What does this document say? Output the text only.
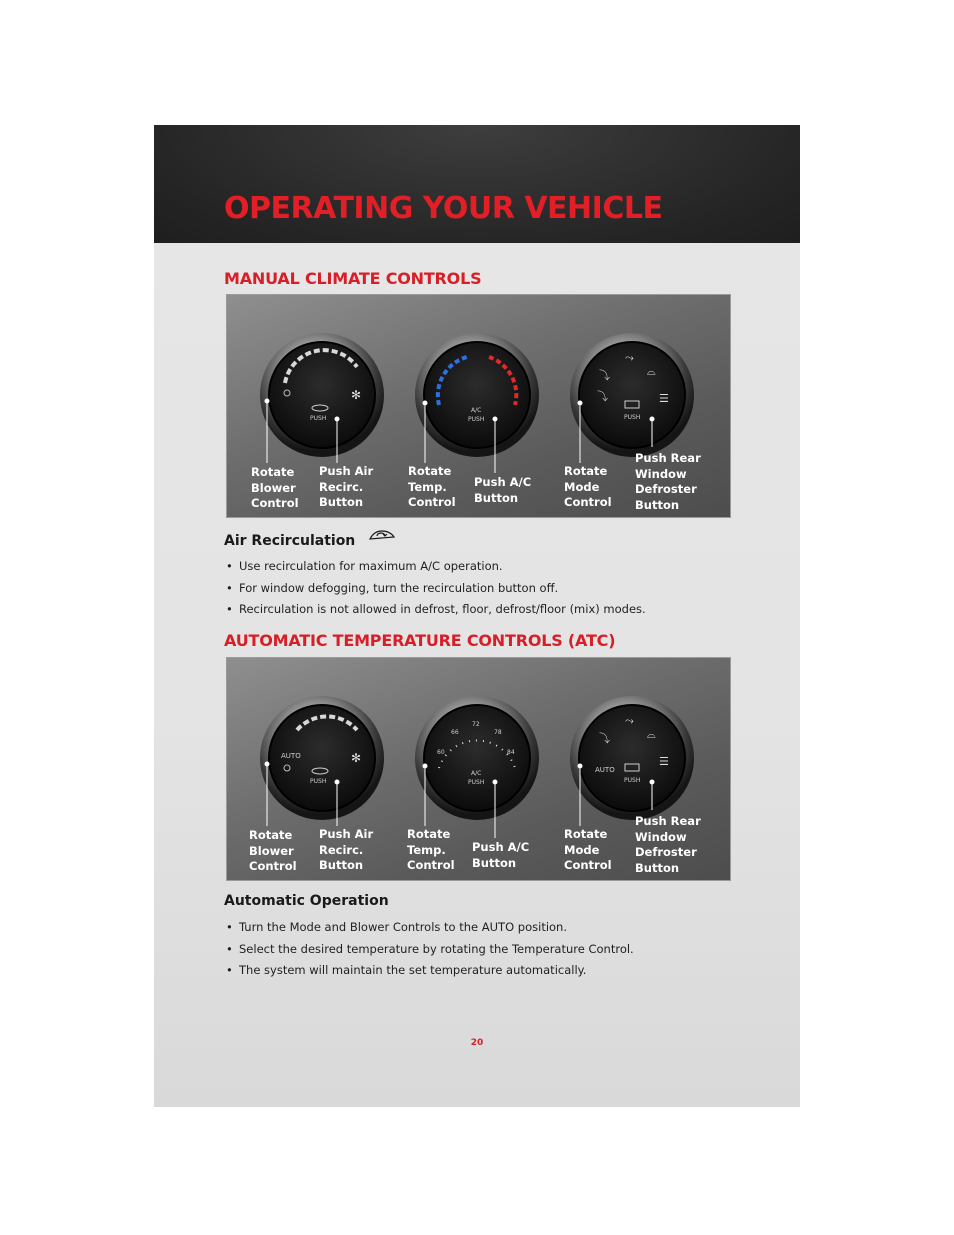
OPERATING YOUR VEHICLE
MANUAL CLIMATE CONTROLS
✻
PUSH
A/C
PUSH
⤵
⤳
⌓
⤵	☰
PUSH
Rotate
Blower
Control
Push Air
Recirc.
Button
Rotate
Temp.
Control
Push A/C
Button
Rotate
Mode
Control
Push Rear
Window
Defroster
Button
Air Recirculation
• Use recirculation for maximum A/C operation.
• For window defogging, turn the recirculation button off.
• Recirculation is not allowed in defrost, floor, defrost/floor (mix) modes.
AUTOMATIC TEMPERATURE CONTROLS (ATC)
AUTO	✻
PUSH
60
66
72
78
84
A/C
PUSH
⤵
⤳
⌓
AUTO
☰
PUSH
Rotate
Blower
Control
Push Air
Recirc.
Button
Rotate
Temp.
Control
Push A/C
Button
Rotate
Mode
Control
Push Rear
Window
Defroster
Button
Automatic Operation
• Turn the Mode and Blower Controls to the AUTO position.
• Select the desired temperature by rotating the Temperature Control.
• The system will maintain the set temperature automatically.
20
